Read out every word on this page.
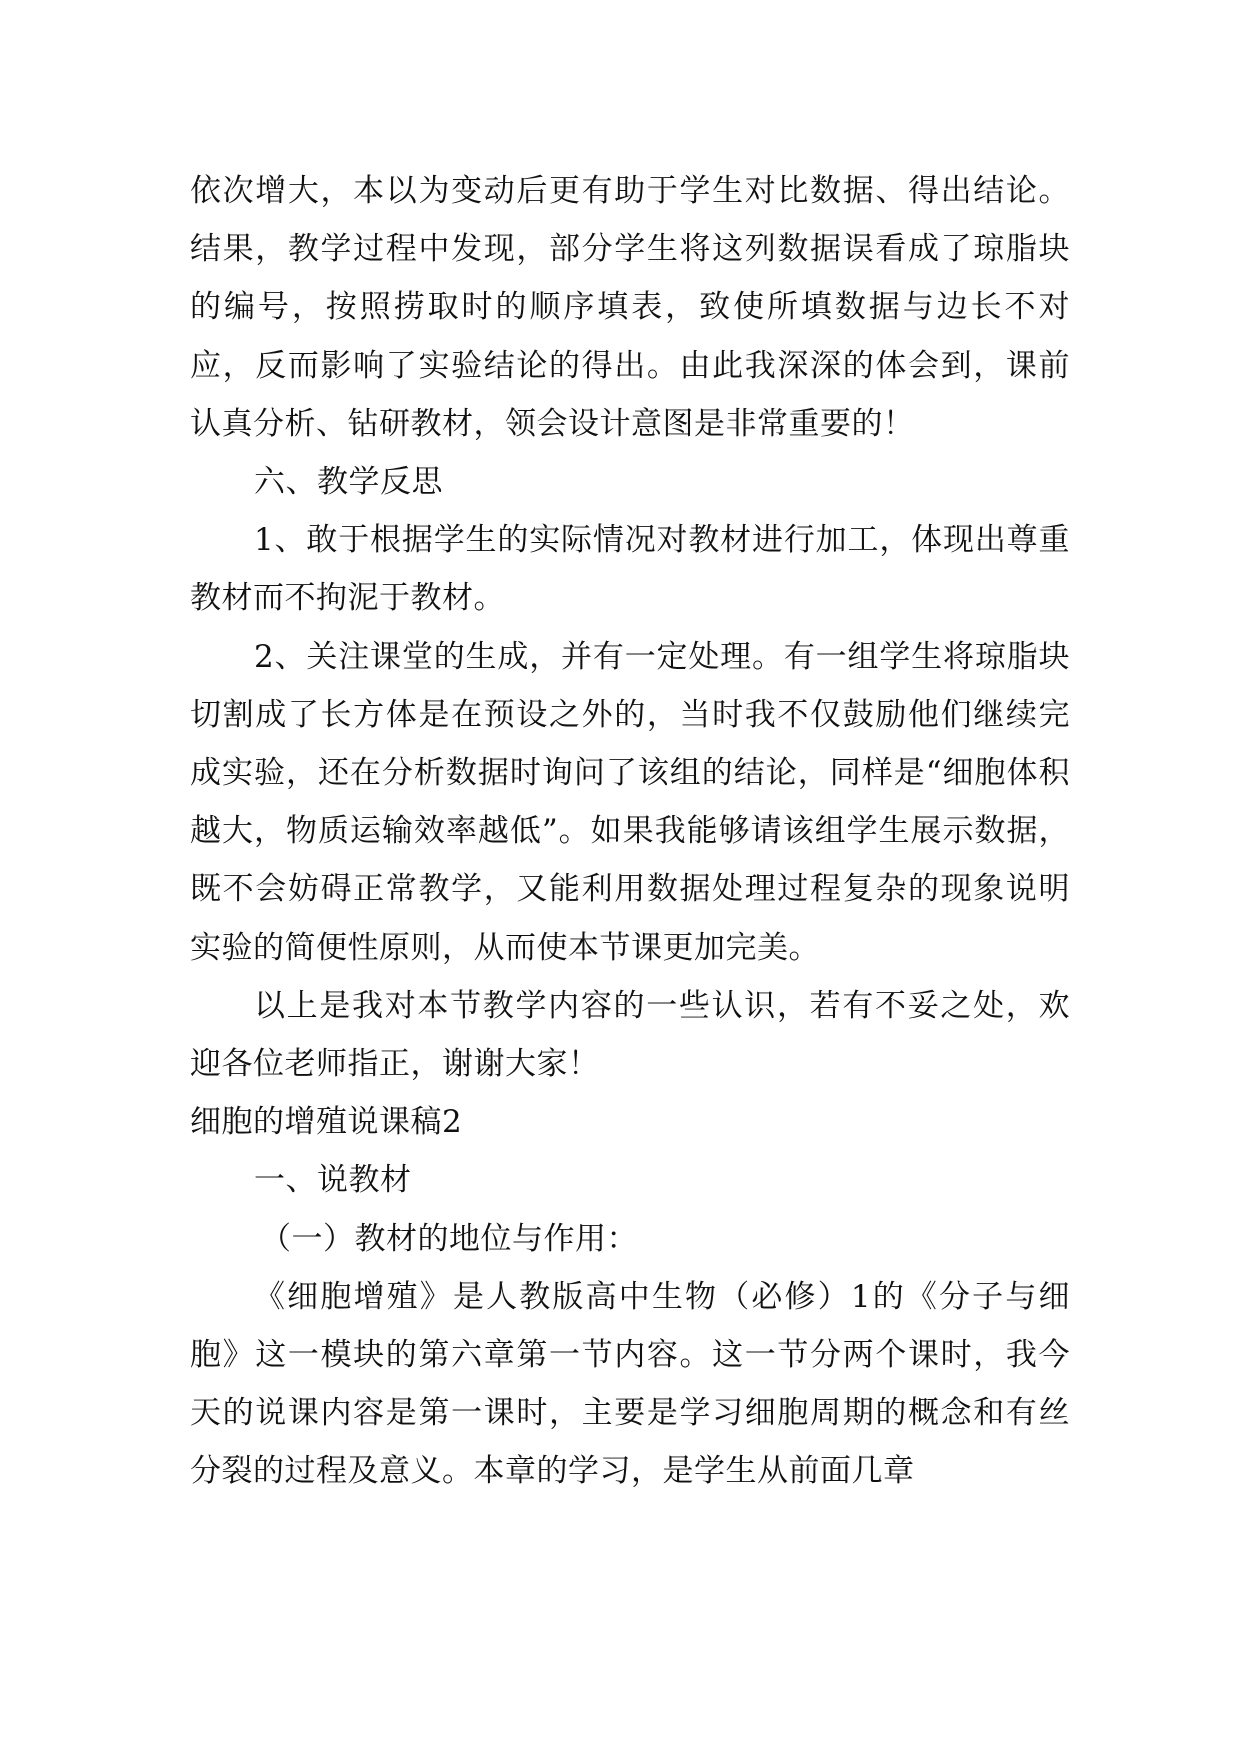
依次增大，本以为变动后更有助于学生对比数据、得出结论。结果，教学过程中发现，部分学生将这列数据误看成了琼脂块的编号，按照捞取时的顺序填表，致使所填数据与边长不对应，反而影响了实验结论的得出。由此我深深的体会到，课前认真分析、钻研教材，领会设计意图是非常重要的！

六、教学反思

1、敢于根据学生的实际情况对教材进行加工，体现出尊重教材而不拘泥于教材。

2、关注课堂的生成，并有一定处理。有一组学生将琼脂块切割成了长方体是在预设之外的，当时我不仅鼓励他们继续完成实验，还在分析数据时询问了该组的结论，同样是“细胞体积越大，物质运输效率越低”。如果我能够请该组学生展示数据，既不会妨碍正常教学，又能利用数据处理过程复杂的现象说明实验的简便性原则，从而使本节课更加完美。

以上是我对本节教学内容的一些认识，若有不妥之处，欢迎各位老师指正，谢谢大家！

细胞的增殖说课稿2

一、说教材

（一）教材的地位与作用：

《细胞增殖》是人教版高中生物（必修）1的《分子与细胞》这一模块的第六章第一节内容。这一节分两个课时，我今天的说课内容是第一课时，主要是学习细胞周期的概念和有丝分裂的过程及意义。本章的学习，是学生从前面几章
